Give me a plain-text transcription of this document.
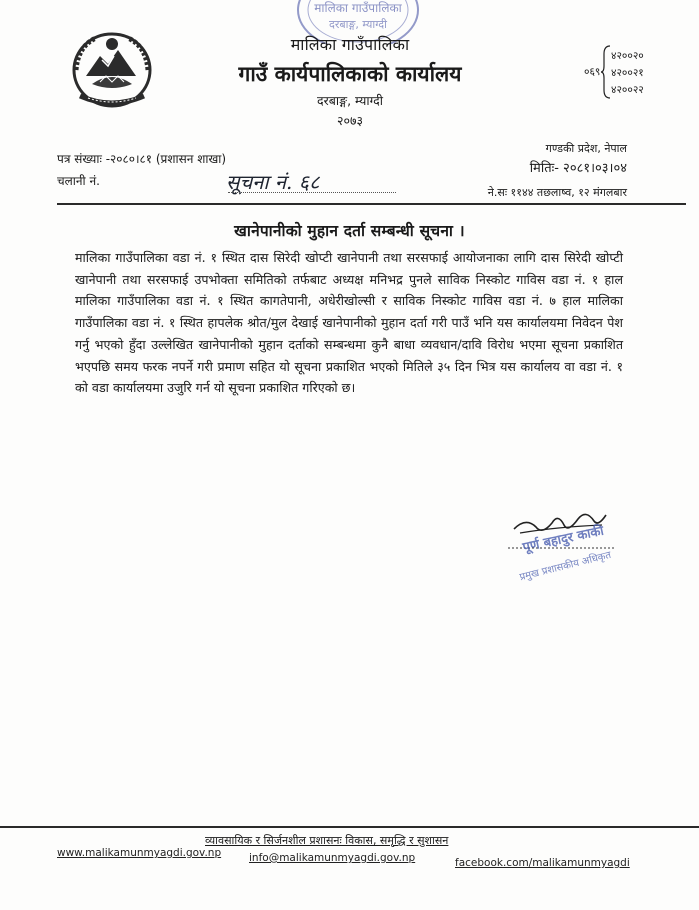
मालिका गाउँपालिका
दरबाङ्ग, म्याग्दी
मालिका गाउँपालिका
गाउँ कार्यपालिकाको कार्यालय
दरबाङ्ग, म्याग्दी
२०७३
०६९
४२००२०
४२००२१
४२००२२
पत्र संख्याः -२०८०।८१ (प्रशासन शाखा)
चलानी नं.
गण्डकी प्रदेश, नेपाल
मितिः- २०८१।०३।०४
सूचना नं. ६८	ने.सः ११४४ तछलाष्व, १२ मंगलबार
खानेपानीको मुहान दर्ता सम्बन्धी सूचना ।
मालिका गाउँपालिका वडा नं. १ स्थित दास सिरेदी खोप्टी खानेपानी तथा सरसफाई आयोजनाका लागि दास सिरेदी खोप्टी खानेपानी तथा सरसफाई उपभोक्ता समितिको तर्फबाट अध्यक्ष मनिभद्र पुनले साविक निस्कोट गाविस वडा नं. १ हाल मालिका गाउँपालिका वडा नं. १ स्थित कागतेपानी, अधेरीखोल्सी र साविक निस्कोट गाविस वडा नं. ७ हाल मालिका गाउँपालिका वडा नं. १ स्थित हापलेक श्रोत/मुल देखाई खानेपानीको मुहान दर्ता गरी पाउँ भनि यस कार्यालयमा निवेदन पेश गर्नु भएको हुँदा उल्लेखित खानेपानीको मुहान दर्ताको सम्बन्धमा कुनै बाधा व्यवधान/दावि विरोध भएमा सूचना प्रकाशित भएपछि समय फरक नपर्ने गरी प्रमाण सहित यो सूचना प्रकाशित भएको मितिले ३५ दिन भित्र यस कार्यालय वा वडा नं. १ को वडा कार्यालयमा उजुरि गर्न यो सूचना प्रकाशित गरिएको छ।
पूर्ण बहादुर काकी
प्रमुख प्रशासकीय अधिकृत
व्यावसायिक र सिर्जनशील प्रशासनः विकास, समृद्धि र सुशासन
www.malikamunmyagdi.gov.np	info@malikamunmyagdi.gov.np	facebook.com/malikamunmyagdi
